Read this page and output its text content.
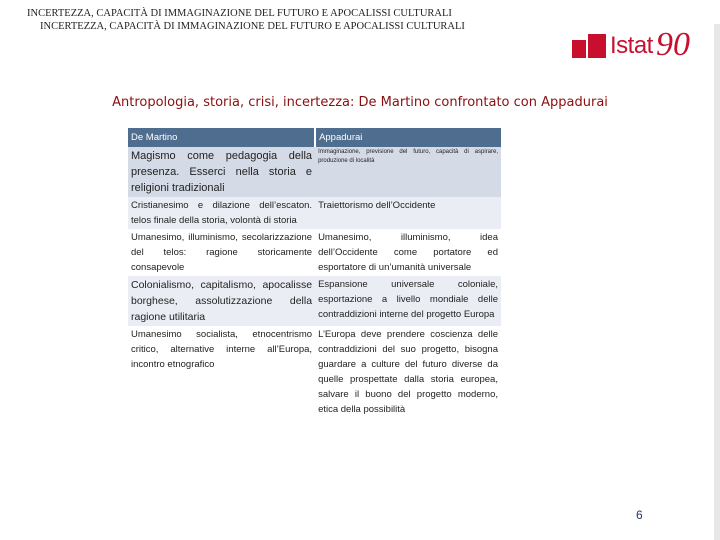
INCERTEZZA, CAPACITÀ DI IMMAGINAZIONE DEL FUTURO E APOCALISSI CULTURALI
INCERTEZZA, CAPACITÀ DI IMMAGINAZIONE DEL FUTURO E APOCALISSI CULTURALI
Istat 90
Antropologia, storia, crisi, incertezza: De Martino confrontato con Appadurai
De Martino	Appadurai
Magismo come pedagogia della presenza. Esserci nella storia e religioni tradizionali	Immaginazione, previsione del futuro, capacità di aspirare, produzione di località
Cristianesimo e dilazione dell’escaton. telos finale della storia, volontà di storia	Traiettorismo dell’Occidente
Umanesimo, illuminismo, secolarizzazione del telos: ragione storicamente consapevole	Umanesimo, illuminismo, idea dell’Occidente come portatore ed esportatore di un’umanità universale
Colonialismo, capitalismo, apocalisse borghese, assolutizzazione della ragione utilitaria	Espansione universale coloniale, esportazione a livello mondiale delle contraddizioni interne del progetto Europa
Umanesimo socialista, etnocentrismo critico, alternative interne all’Europa, incontro etnografico	L’Europa deve prendere coscienza delle contraddizioni del suo progetto, bisogna guardare a culture del futuro diverse da quelle prospettate dalla storia europea, salvare il buono del progetto moderno, etica della possibilità
6
